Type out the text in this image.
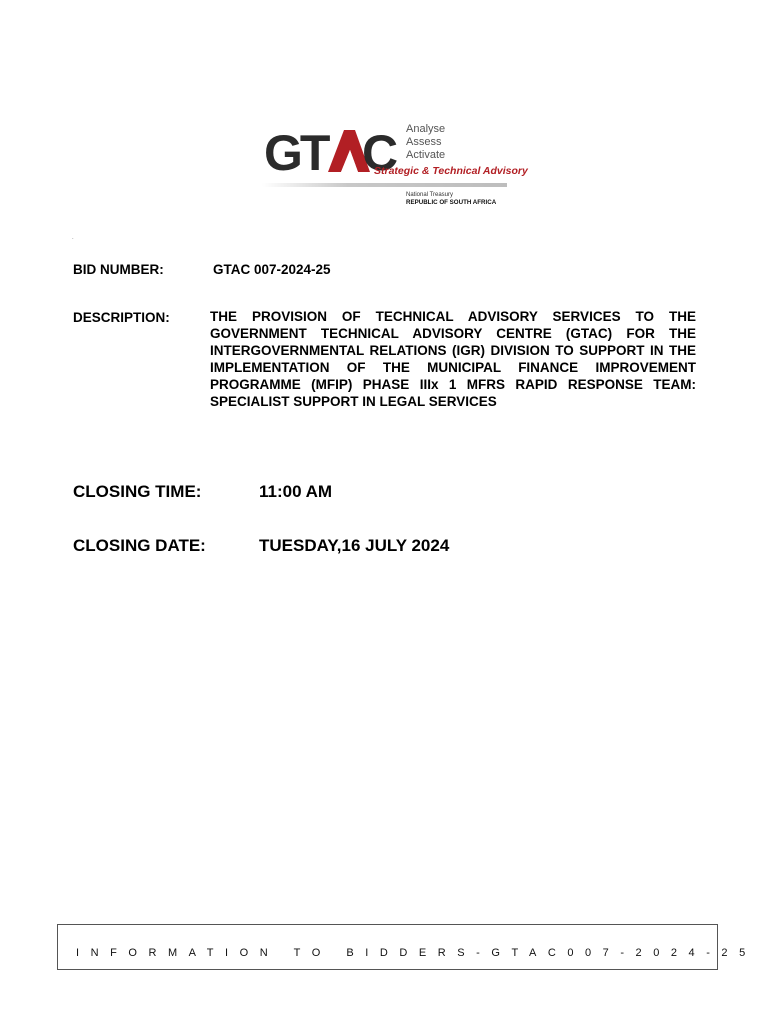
GT C Analyse
Assess
Activate
Strategic & Technical Advisory
National Treasury
REPUBLIC OF SOUTH AFRICA
.
BID NUMBER:	GTAC 007-2024-25
DESCRIPTION:	THE PROVISION OF TECHNICAL ADVISORY SERVICES TO THE GOVERNMENT TECHNICAL ADVISORY CENTRE (GTAC) FOR THE INTERGOVERNMENTAL RELATIONS (IGR) DIVISION TO SUPPORT IN THE IMPLEMENTATION OF THE MUNICIPAL FINANCE IMPROVEMENT PROGRAMME (MFIP) PHASE IIIx 1 MFRS RAPID RESPONSE TEAM: SPECIALIST SUPPORT IN LEGAL SERVICES
CLOSING TIME:	11:00 AM
CLOSING DATE:	TUESDAY,16 JULY 2024
INFORMATION TO BIDDERS-GTAC007-2024-25
